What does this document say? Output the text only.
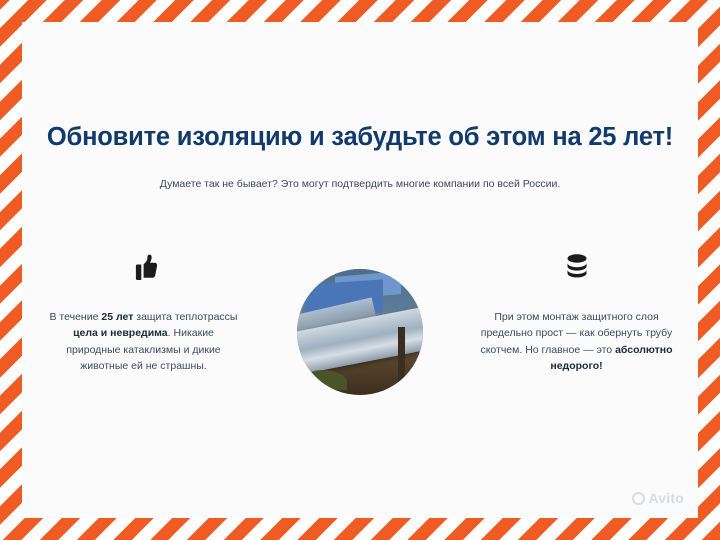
Обновите изоляцию и забудьте об этом на 25 лет!
Думаете так не бывает? Это могут подтвердить многие компании по всей России.
В течение 25 лет защита теплотрассы
цела и невредима. Никакие
природные катаклизмы и дикие
животные ей не страшны.
При этом монтаж защитного слоя
предельно прост — как обернуть трубу
скотчем. Но главное — это абсолютно
недорого!
Avito
